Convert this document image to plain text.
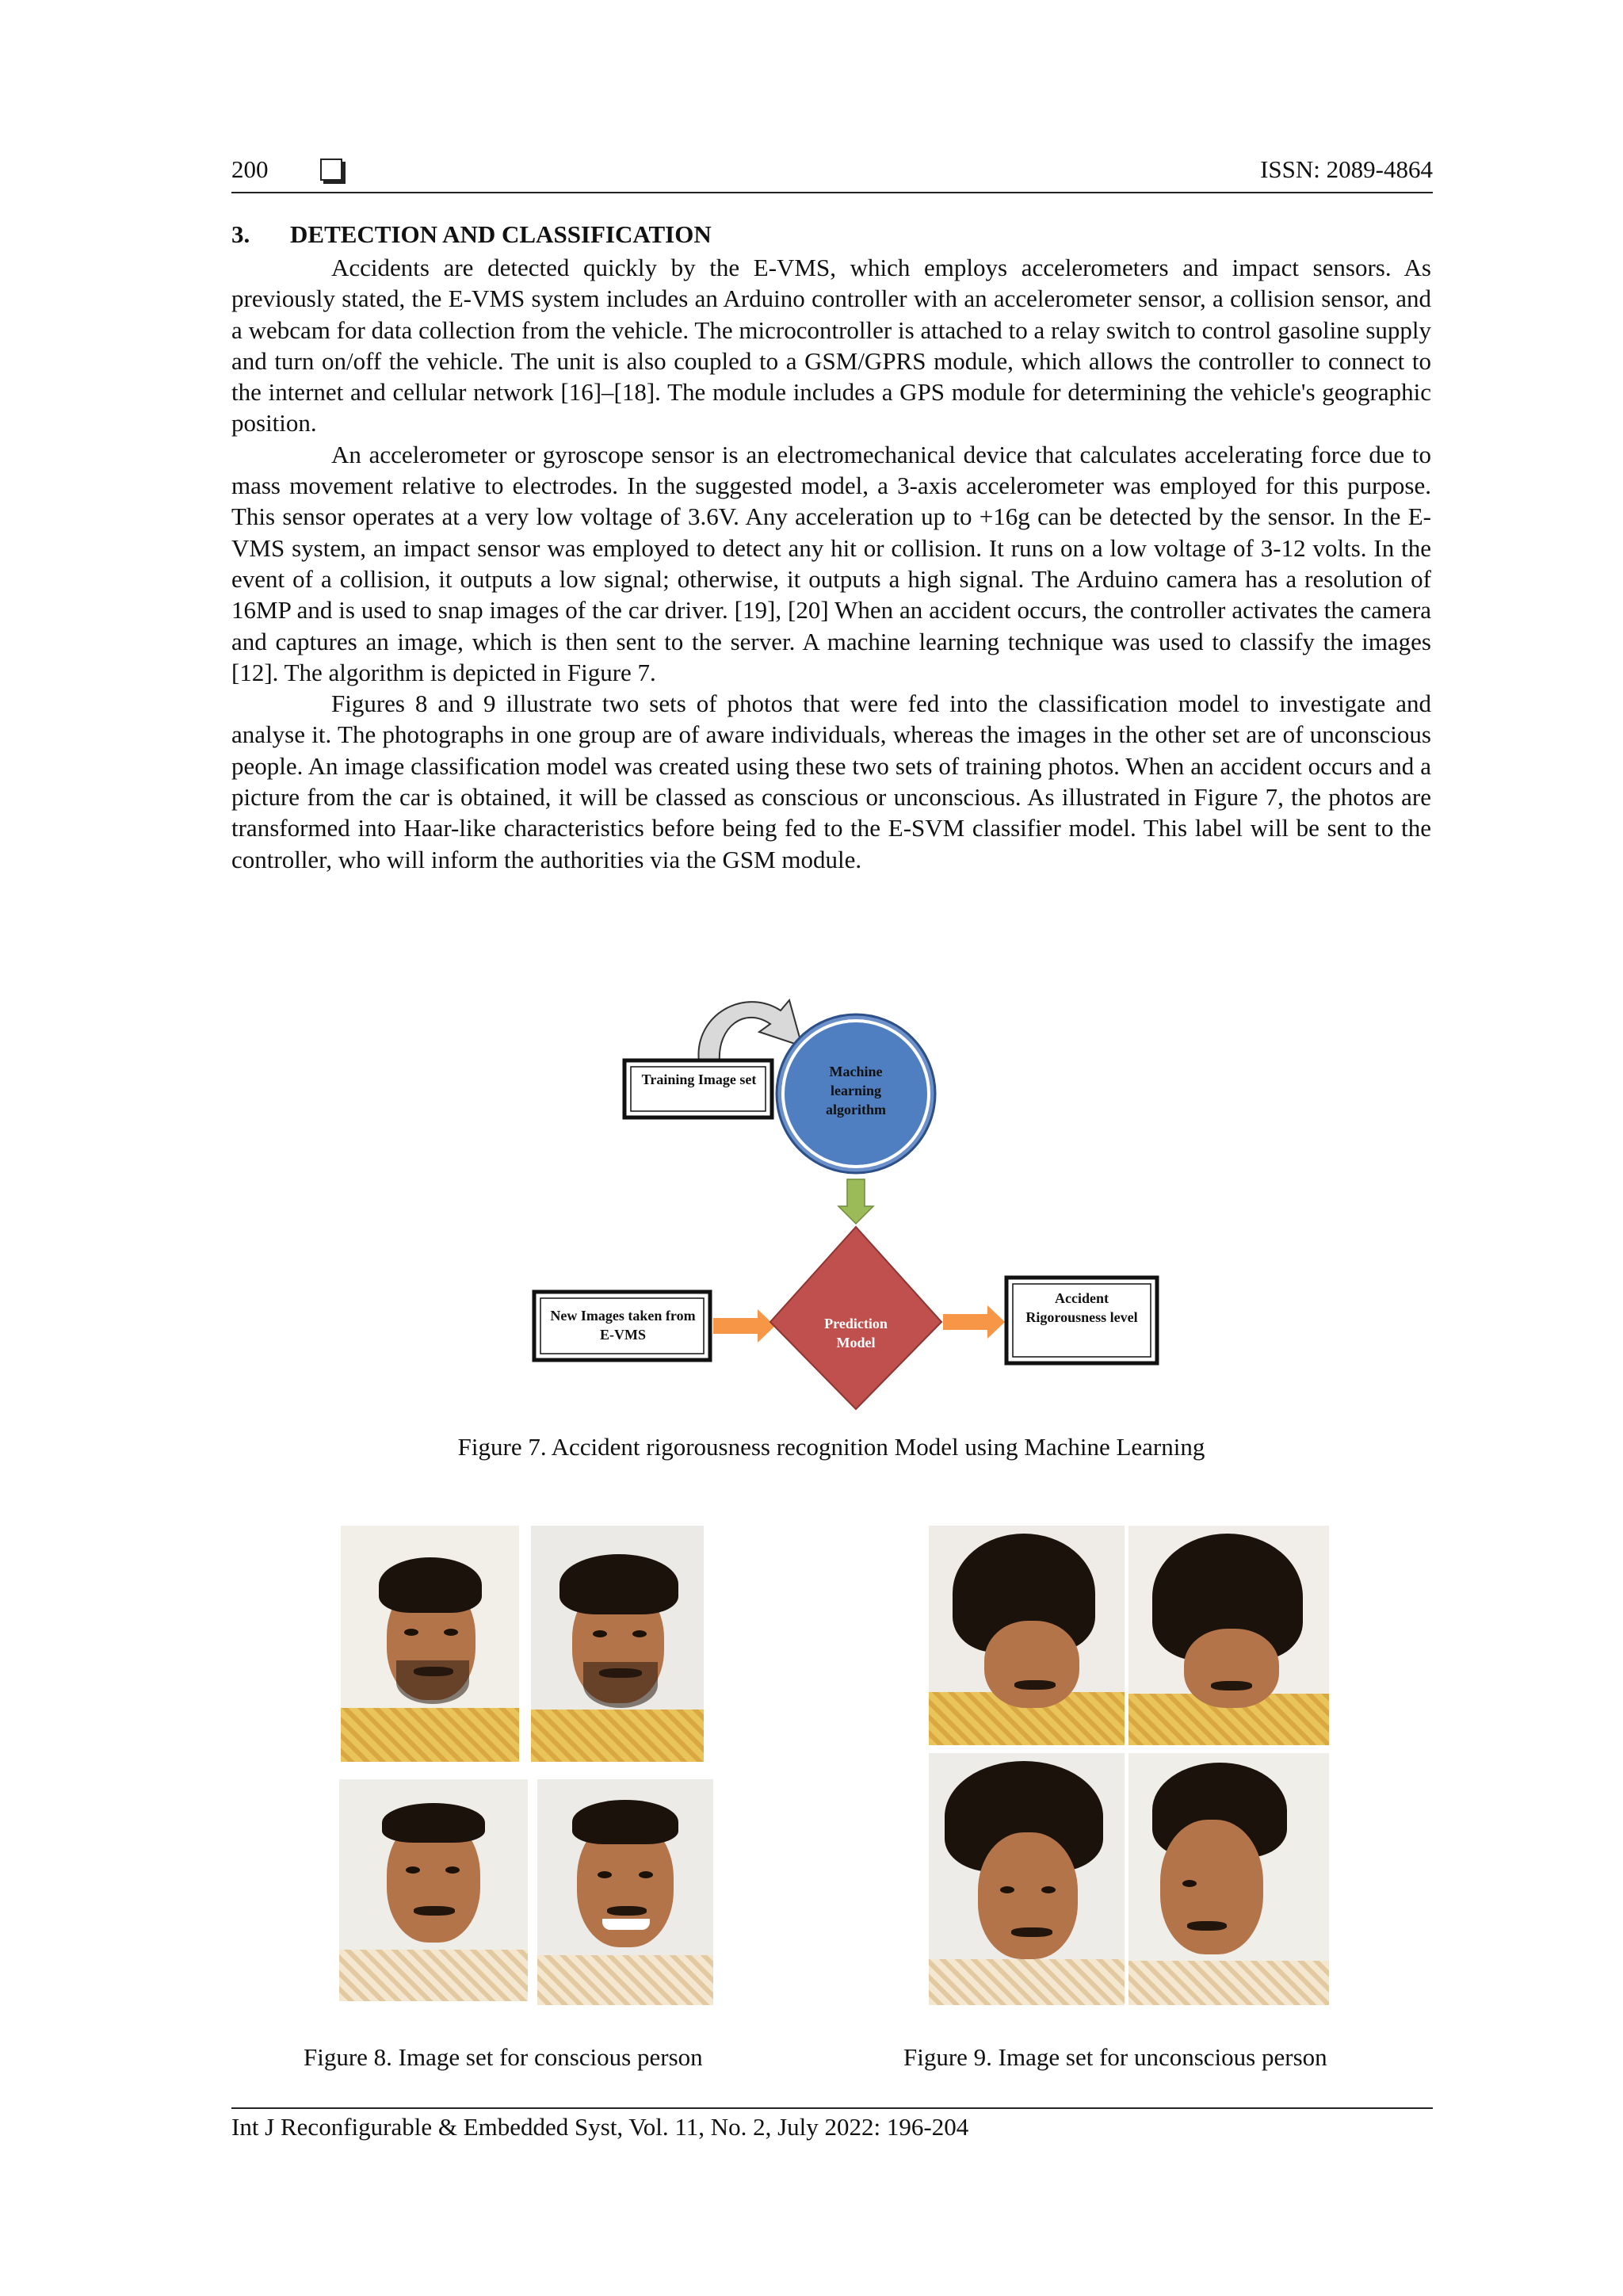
200	ISSN: 2089-4864
3. DETECTION AND CLASSIFICATION

Accidents are detected quickly by the E-VMS, which employs accelerometers and impact sensors. As previously stated, the E-VMS system includes an Arduino controller with an accelerometer sensor, a collision sensor, and a webcam for data collection from the vehicle. The microcontroller is attached to a relay switch to control gasoline supply and turn on/off the vehicle. The unit is also coupled to a GSM/GPRS module, which allows the controller to connect to the internet and cellular network [16]–[18]. The module includes a GPS module for determining the vehicle's geographic position.

An accelerometer or gyroscope sensor is an electromechanical device that calculates accelerating force due to mass movement relative to electrodes. In the suggested model, a 3-axis accelerometer was employed for this purpose. This sensor operates at a very low voltage of 3.6V. Any acceleration up to +16g can be detected by the sensor. In the E-VMS system, an impact sensor was employed to detect any hit or collision. It runs on a low voltage of 3-12 volts. In the event of a collision, it outputs a low signal; otherwise, it outputs a high signal. The Arduino camera has a resolution of 16MP and is used to snap images of the car driver. [19], [20] When an accident occurs, the controller activates the camera and captures an image, which is then sent to the server. A machine learning technique was used to classify the images [12]. The algorithm is depicted in Figure 7.

Figures 8 and 9 illustrate two sets of photos that were fed into the classification model to investigate and analyse it. The photographs in one group are of aware individuals, whereas the images in the other set are of unconscious people. An image classification model was created using these two sets of training photos. When an accident occurs and a picture from the car is obtained, it will be classed as conscious or unconscious. As illustrated in Figure 7, the photos are transformed into Haar-like characteristics before being fed to the E-SVM classifier model. This label will be sent to the controller, who will inform the authorities via the GSM module.

Training Image set	Machine learning algorithm
New Images taken from E-VMS
Prediction Model
Accident Rigorousness level
Figure 7. Accident rigorousness recognition Model using Machine Learning
Figure 8. Image set for conscious person	Figure 9. Image set for unconscious person
Int J Reconfigurable & Embedded Syst, Vol. 11, No. 2, July 2022: 196-204
